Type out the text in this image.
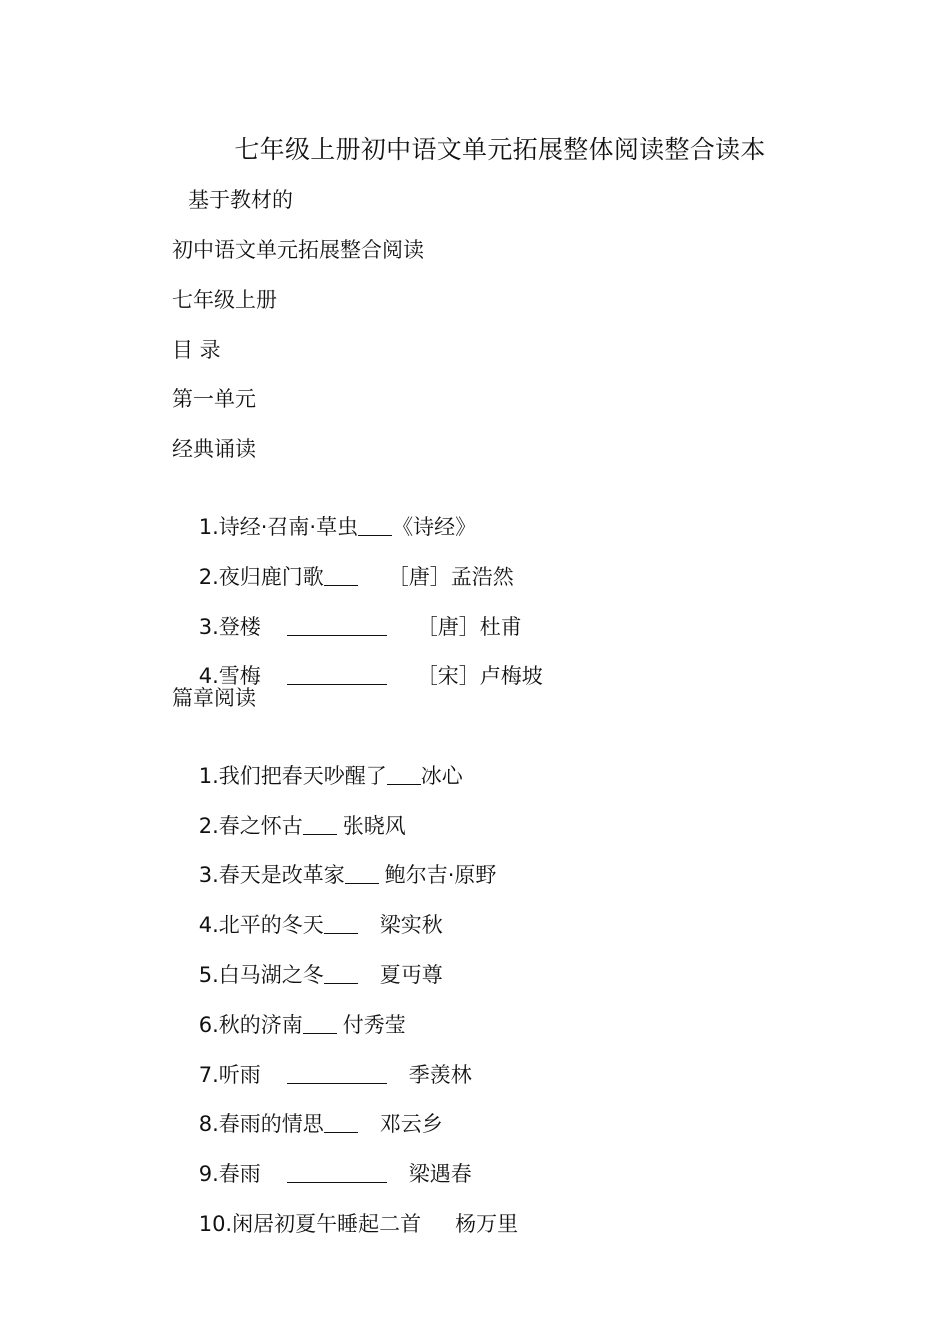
七年级上册初中语文单元拓展整体阅读整合读本
基于教材的
初中语文单元拓展整合阅读
七年级上册
目 录
第一单元
经典诵读

1.诗经·召南·草虫 《诗经》

2.夜归鹿门歌	［唐］孟浩然

3.登楼	［唐］杜甫

4.雪梅	［宋］卢梅坡

篇章阅读

1.我们把春天吵醒了 冰心

2.春之怀古 张晓风

3.春天是改革家 鲍尔吉·原野

4.北平的冬天	梁实秋

5.白马湖之冬	夏丏尊

6.秋的济南 付秀莹

7.听雨	季羡林

8.春雨的情思	邓云乡

9.春雨	梁遇春

10.闲居初夏午睡起二首 杨万里
